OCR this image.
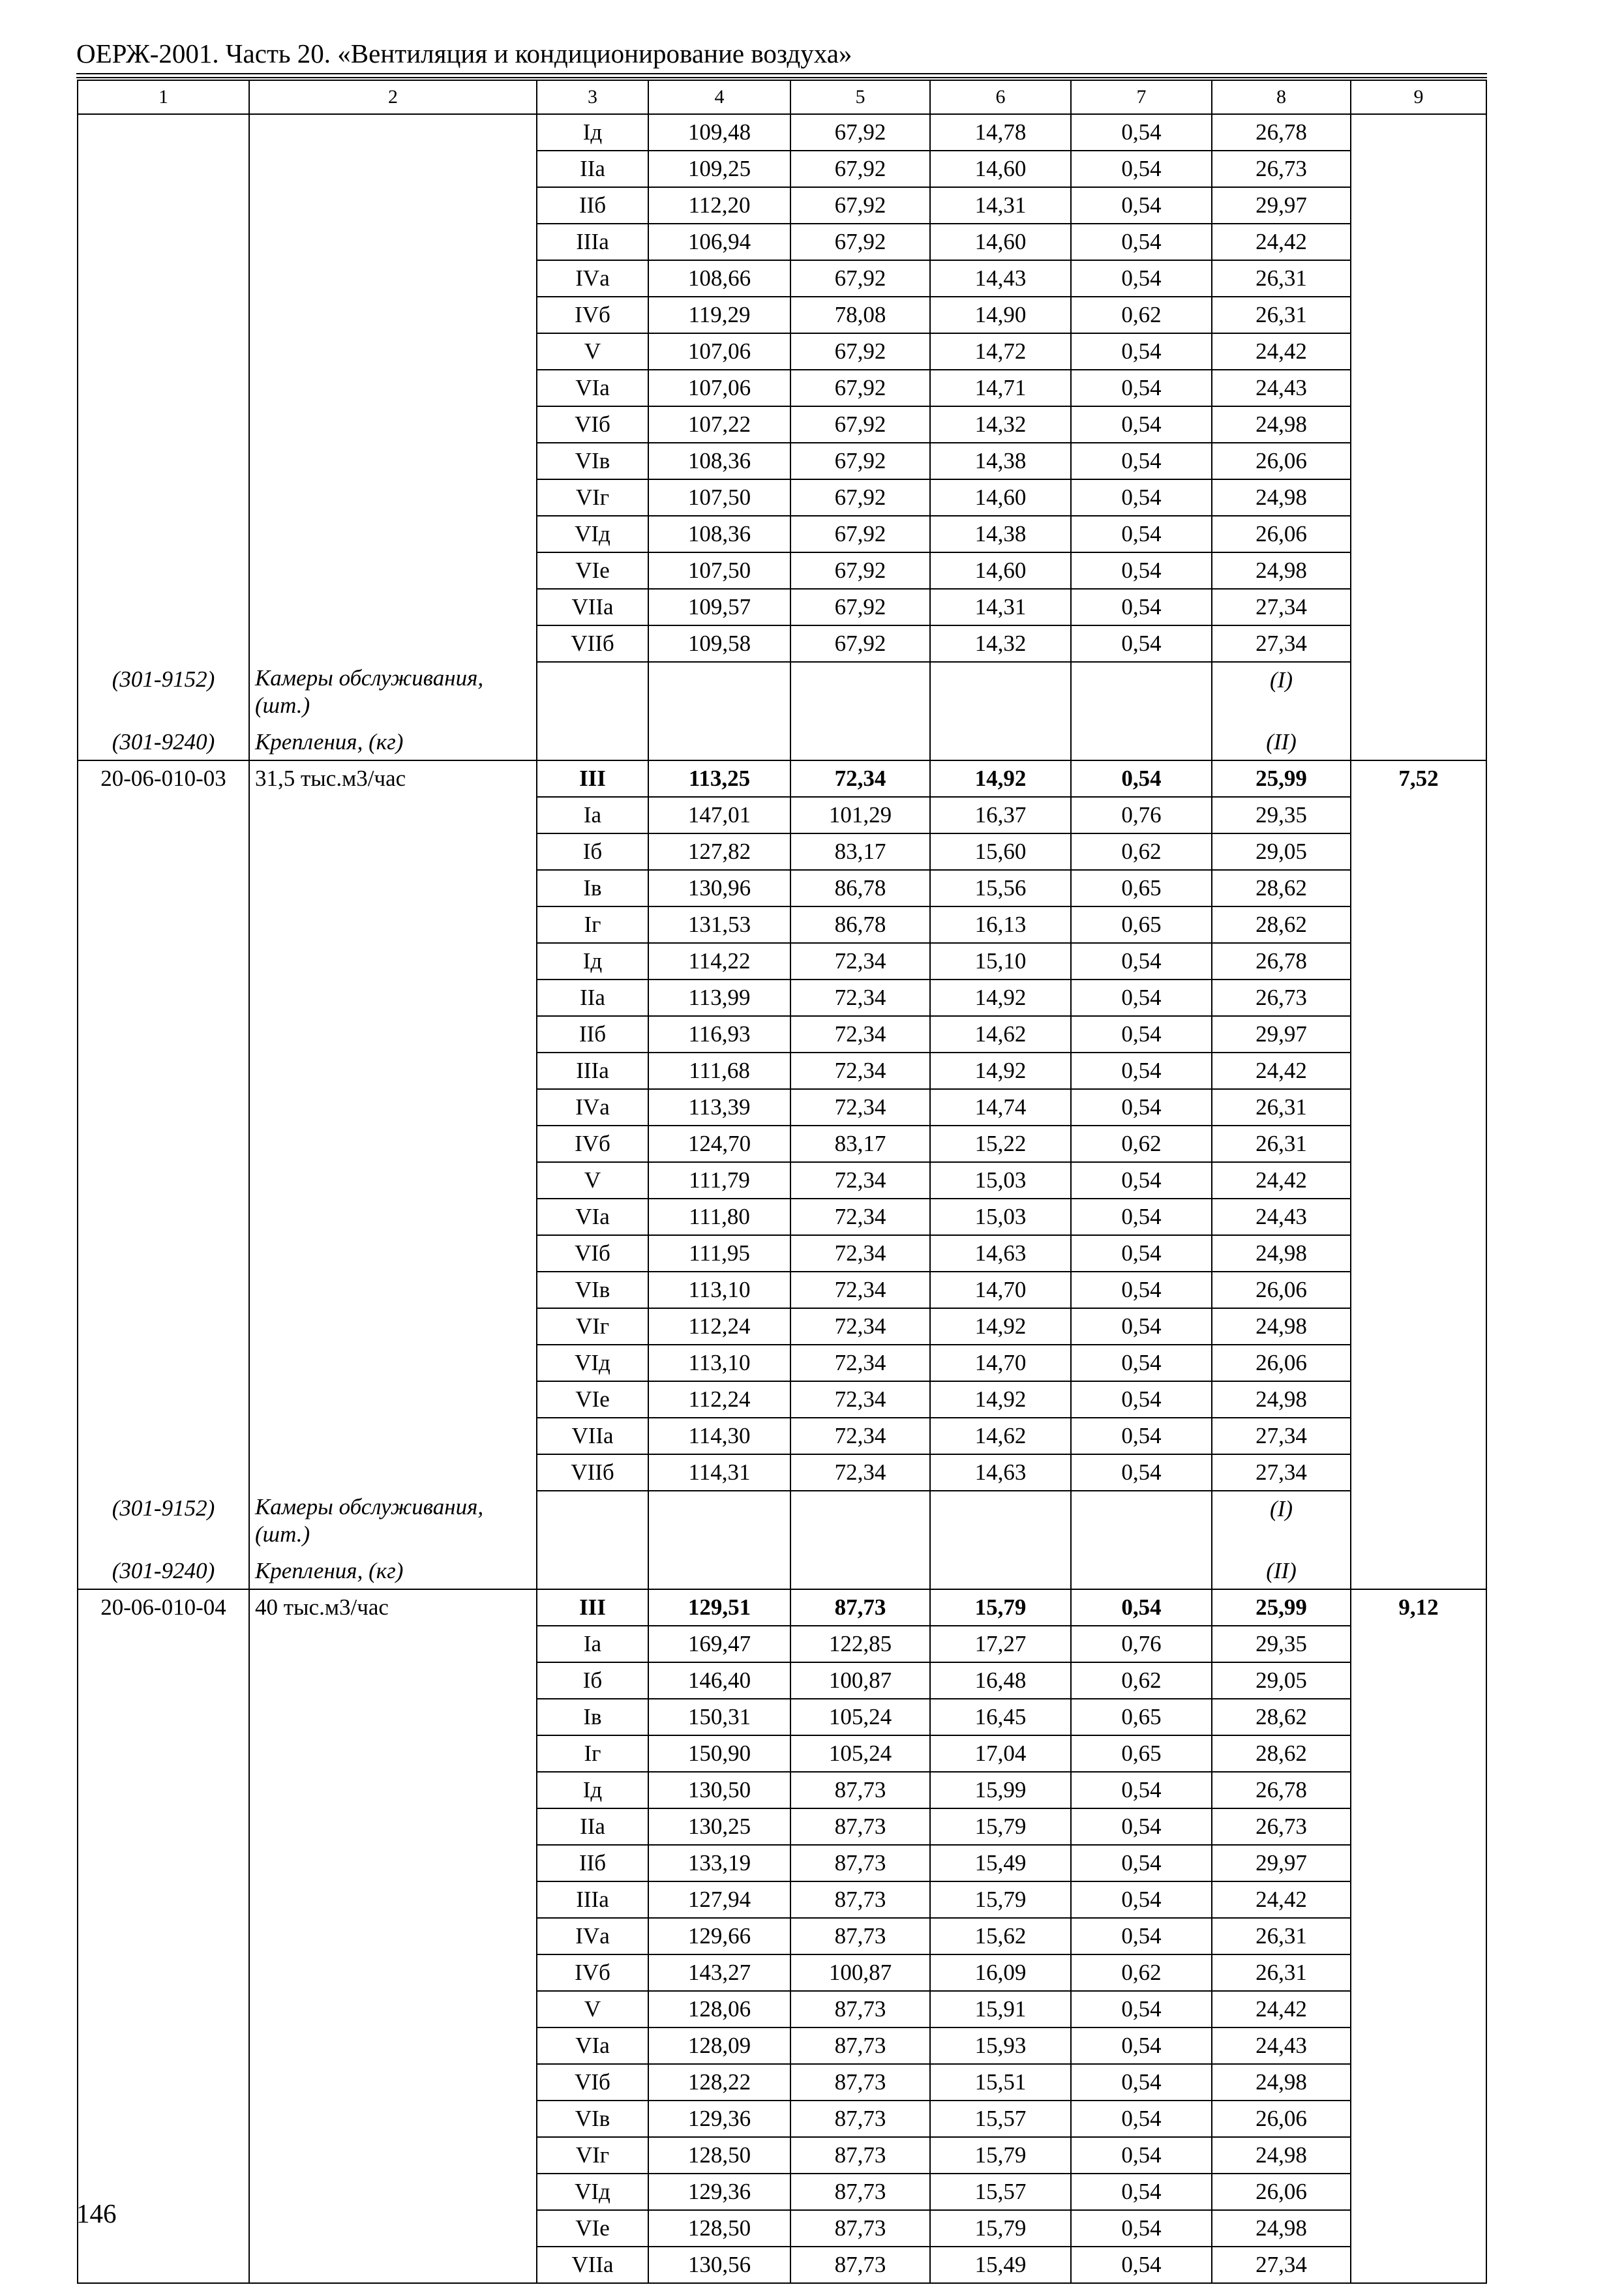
ОЕРЖ-2001. Часть 20. «Вентиляция и кондиционирование воздуха»
1	2	3	4	5	6	7	8	9
		Iд	109,48	67,92	14,78	0,54	26,78	
		IIа	109,25	67,92	14,60	0,54	26,73	
		IIб	112,20	67,92	14,31	0,54	29,97	
		IIIа	106,94	67,92	14,60	0,54	24,42	
		IVа	108,66	67,92	14,43	0,54	26,31	
		IVб	119,29	78,08	14,90	0,62	26,31	
		V	107,06	67,92	14,72	0,54	24,42	
		VIа	107,06	67,92	14,71	0,54	24,43	
		VIб	107,22	67,92	14,32	0,54	24,98	
		VIв	108,36	67,92	14,38	0,54	26,06	
		VIг	107,50	67,92	14,60	0,54	24,98	
		VIд	108,36	67,92	14,38	0,54	26,06	
		VIе	107,50	67,92	14,60	0,54	24,98	
		VIIа	109,57	67,92	14,31	0,54	27,34	
		VIIб	109,58	67,92	14,32	0,54	27,34	
(301-9152)	Камеры обслуживания, (шт.)						(I)	
(301-9240)	Крепления, (кг)						(II)	
20-06-010-03	31,5 тыс.м3/час	III	113,25	72,34	14,92	0,54	25,99	7,52
		Iа	147,01	101,29	16,37	0,76	29,35	
		Iб	127,82	83,17	15,60	0,62	29,05	
		Iв	130,96	86,78	15,56	0,65	28,62	
		Iг	131,53	86,78	16,13	0,65	28,62	
		Iд	114,22	72,34	15,10	0,54	26,78	
		IIа	113,99	72,34	14,92	0,54	26,73	
		IIб	116,93	72,34	14,62	0,54	29,97	
		IIIа	111,68	72,34	14,92	0,54	24,42	
		IVа	113,39	72,34	14,74	0,54	26,31	
		IVб	124,70	83,17	15,22	0,62	26,31	
		V	111,79	72,34	15,03	0,54	24,42	
		VIа	111,80	72,34	15,03	0,54	24,43	
		VIб	111,95	72,34	14,63	0,54	24,98	
		VIв	113,10	72,34	14,70	0,54	26,06	
		VIг	112,24	72,34	14,92	0,54	24,98	
		VIд	113,10	72,34	14,70	0,54	26,06	
		VIе	112,24	72,34	14,92	0,54	24,98	
		VIIа	114,30	72,34	14,62	0,54	27,34	
		VIIб	114,31	72,34	14,63	0,54	27,34	
(301-9152)	Камеры обслуживания, (шт.)						(I)	
(301-9240)	Крепления, (кг)						(II)	
20-06-010-04	40 тыс.м3/час	III	129,51	87,73	15,79	0,54	25,99	9,12
		Iа	169,47	122,85	17,27	0,76	29,35	
		Iб	146,40	100,87	16,48	0,62	29,05	
		Iв	150,31	105,24	16,45	0,65	28,62	
		Iг	150,90	105,24	17,04	0,65	28,62	
		Iд	130,50	87,73	15,99	0,54	26,78	
		IIа	130,25	87,73	15,79	0,54	26,73	
		IIб	133,19	87,73	15,49	0,54	29,97	
		IIIа	127,94	87,73	15,79	0,54	24,42	
		IVа	129,66	87,73	15,62	0,54	26,31	
		IVб	143,27	100,87	16,09	0,62	26,31	
		V	128,06	87,73	15,91	0,54	24,42	
		VIа	128,09	87,73	15,93	0,54	24,43	
		VIб	128,22	87,73	15,51	0,54	24,98	
		VIв	129,36	87,73	15,57	0,54	26,06	
		VIг	128,50	87,73	15,79	0,54	24,98	
		VIд	129,36	87,73	15,57	0,54	26,06	
		VIе	128,50	87,73	15,79	0,54	24,98	
		VIIа	130,56	87,73	15,49	0,54	27,34	
146
